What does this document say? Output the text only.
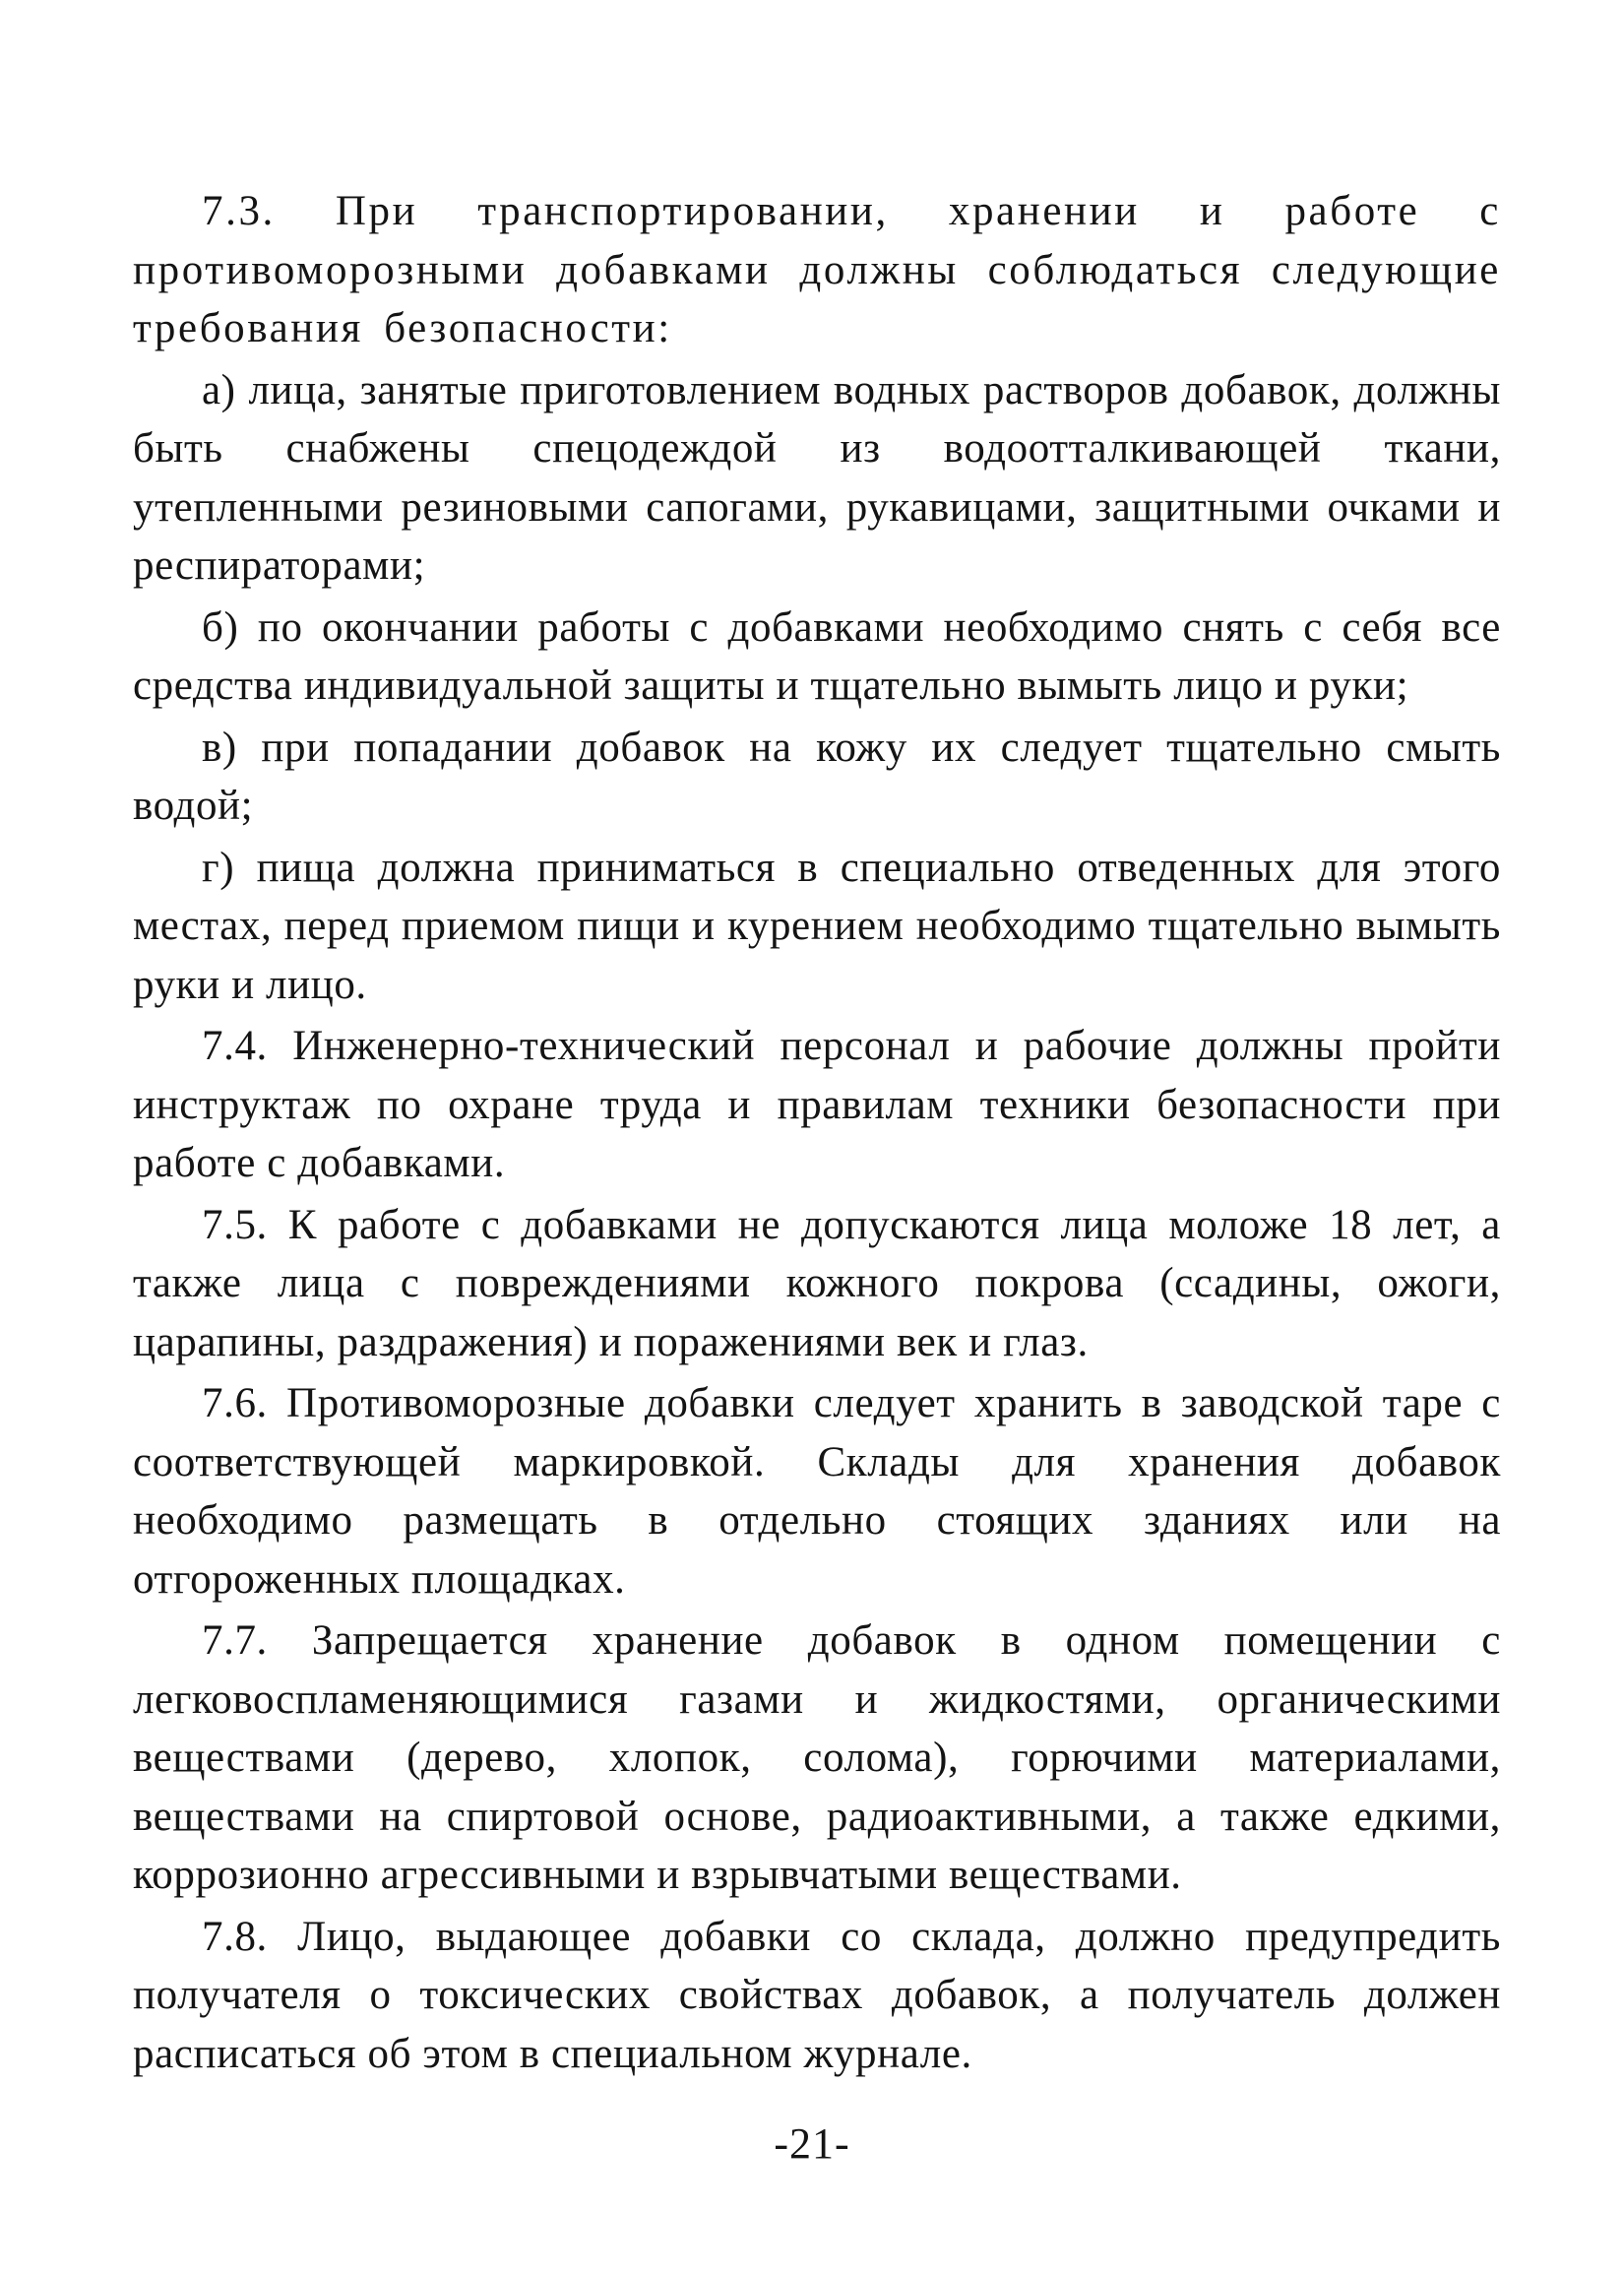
7.3. При транспортировании, хранении и работе с противоморозными добавками должны соблюдаться следующие требования безопасности:

а) лица, занятые приготовлением водных растворов добавок, должны быть снабжены спецодеждой из водоотталкивающей ткани, утепленными резиновыми сапогами, рукавицами, защитными очками и респираторами;

б) по окончании работы с добавками необходимо снять с себя все средства индивидуальной защиты и тщательно вымыть лицо и руки;

в) при попадании добавок на кожу их следует тщательно смыть водой;

г) пища должна приниматься в специально отведенных для этого местах, перед приемом пищи и курением необходимо тщательно вымыть руки и лицо.

7.4. Инженерно-технический персонал и рабочие должны пройти инструктаж по охране труда и правилам техники безопасности при работе с добавками.

7.5. К работе с добавками не допускаются лица моложе 18 лет, а также лица с повреждениями кожного покрова (ссадины, ожоги, царапины, раздражения) и поражениями век и глаз.

7.6. Противоморозные добавки следует хранить в заводской таре с соответствующей маркировкой. Склады для хранения добавок необходимо размещать в отдельно стоящих зданиях или на отгороженных площадках.

7.7. Запрещается хранение добавок в одном помещении с легковоспламеняющимися газами и жидкостями, органическими веществами (дерево, хлопок, солома), горючими материалами, веществами на спиртовой основе, радиоактивными, а также едкими, коррозионно агрессивными и взрывчатыми веществами.

7.8. Лицо, выдающее добавки со склада, должно предупредить получателя о токсических свойствах добавок, а получатель должен расписаться об этом в специальном журнале.

-21-
